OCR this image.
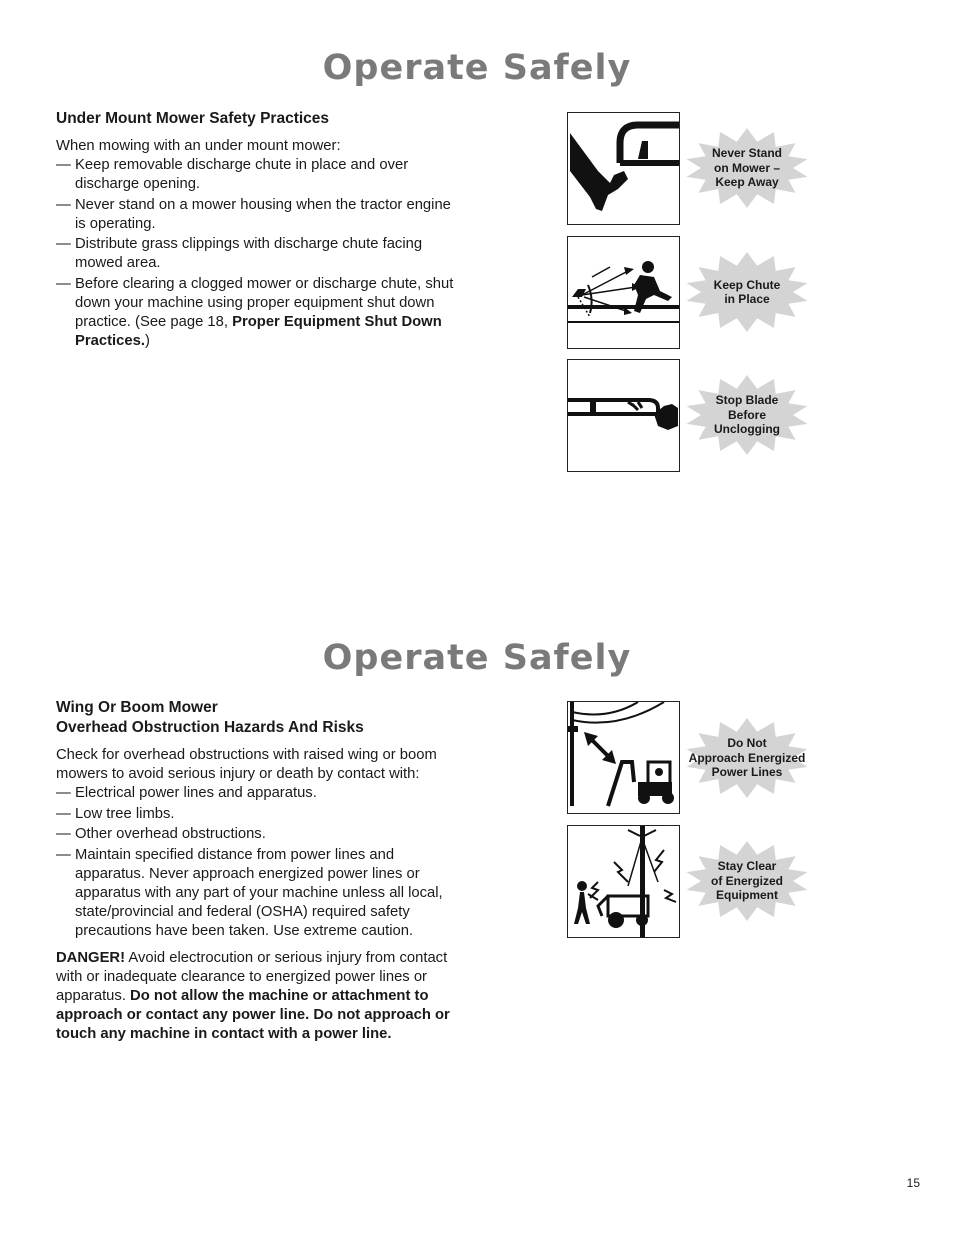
Operate Safely
Under Mount Mower Safety Practices

When mowing with an under mount mower:

— Keep removable discharge chute in place and over discharge opening.
— Never stand on a mower housing when the tractor engine is operating.
— Distribute grass clippings with discharge chute facing mowed area.
— Before clearing a clogged mower or discharge chute, shut down your machine using proper equipment shut down practice. (See page 18, Proper Equipment Shut Down Practices.)
Never Stand
on Mower –
Keep Away
Keep Chute
in Place
Stop Blade
Before
Unclogging
Operate Safely
Wing Or Boom Mower
Overhead Obstruction Hazards And Risks

Check for overhead obstructions with raised wing or boom mowers to avoid serious injury or death by contact with:

— Electrical power lines and apparatus.
— Low tree limbs.
— Other overhead obstructions.
— Maintain specified distance from power lines and apparatus. Never approach energized power lines or apparatus with any part of your machine unless all local, state/provincial and federal (OSHA) required safety precautions have been taken. Use extreme caution.

DANGER! Avoid electrocution or serious injury from contact with or inadequate clearance to energized power lines or apparatus. Do not allow the machine or attachment to approach or contact any power line. Do not approach or touch any machine in contact with a power line.

Do Not
Approach Energized
Power Lines
Stay Clear
of Energized
Equipment
15
